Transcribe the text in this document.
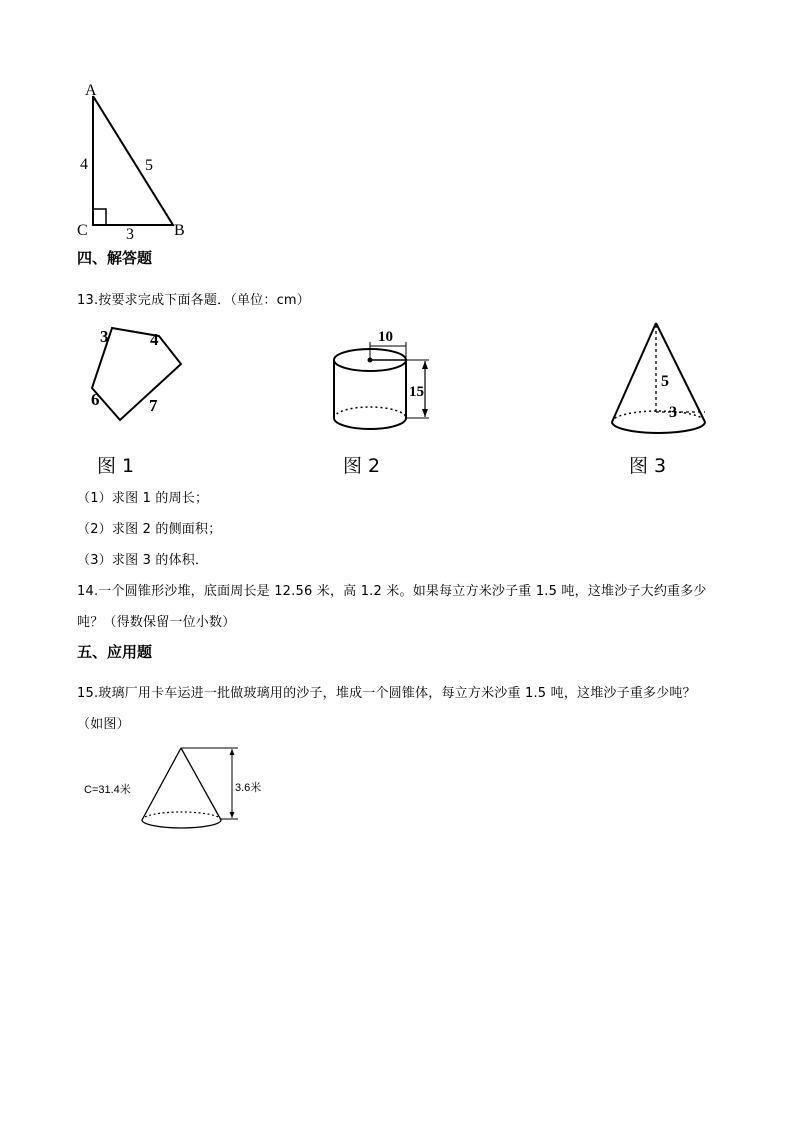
A
B
C
4	5
3
四、解答题
13.按要求完成下面各题．（单位：cm）
3 4
6	7
图 1
10
15
图 2
5
3
图 3
（1）求图 1 的周长；
（2）求图 2 的侧面积；
（3）求图 3 的体积．
14.一个圆锥形沙堆，底面周长是 12.56 米，高 1.2 米。如果每立方米沙子重 1.5 吨，这堆沙子大约重多少
吨？（得数保留一位小数）
五、应用题
15.玻璃厂用卡车运进一批做玻璃用的沙子，堆成一个圆锥体，每立方米沙重 1.5 吨，这堆沙子重多少吨？
（如图）
C=31.4米	3.6米
